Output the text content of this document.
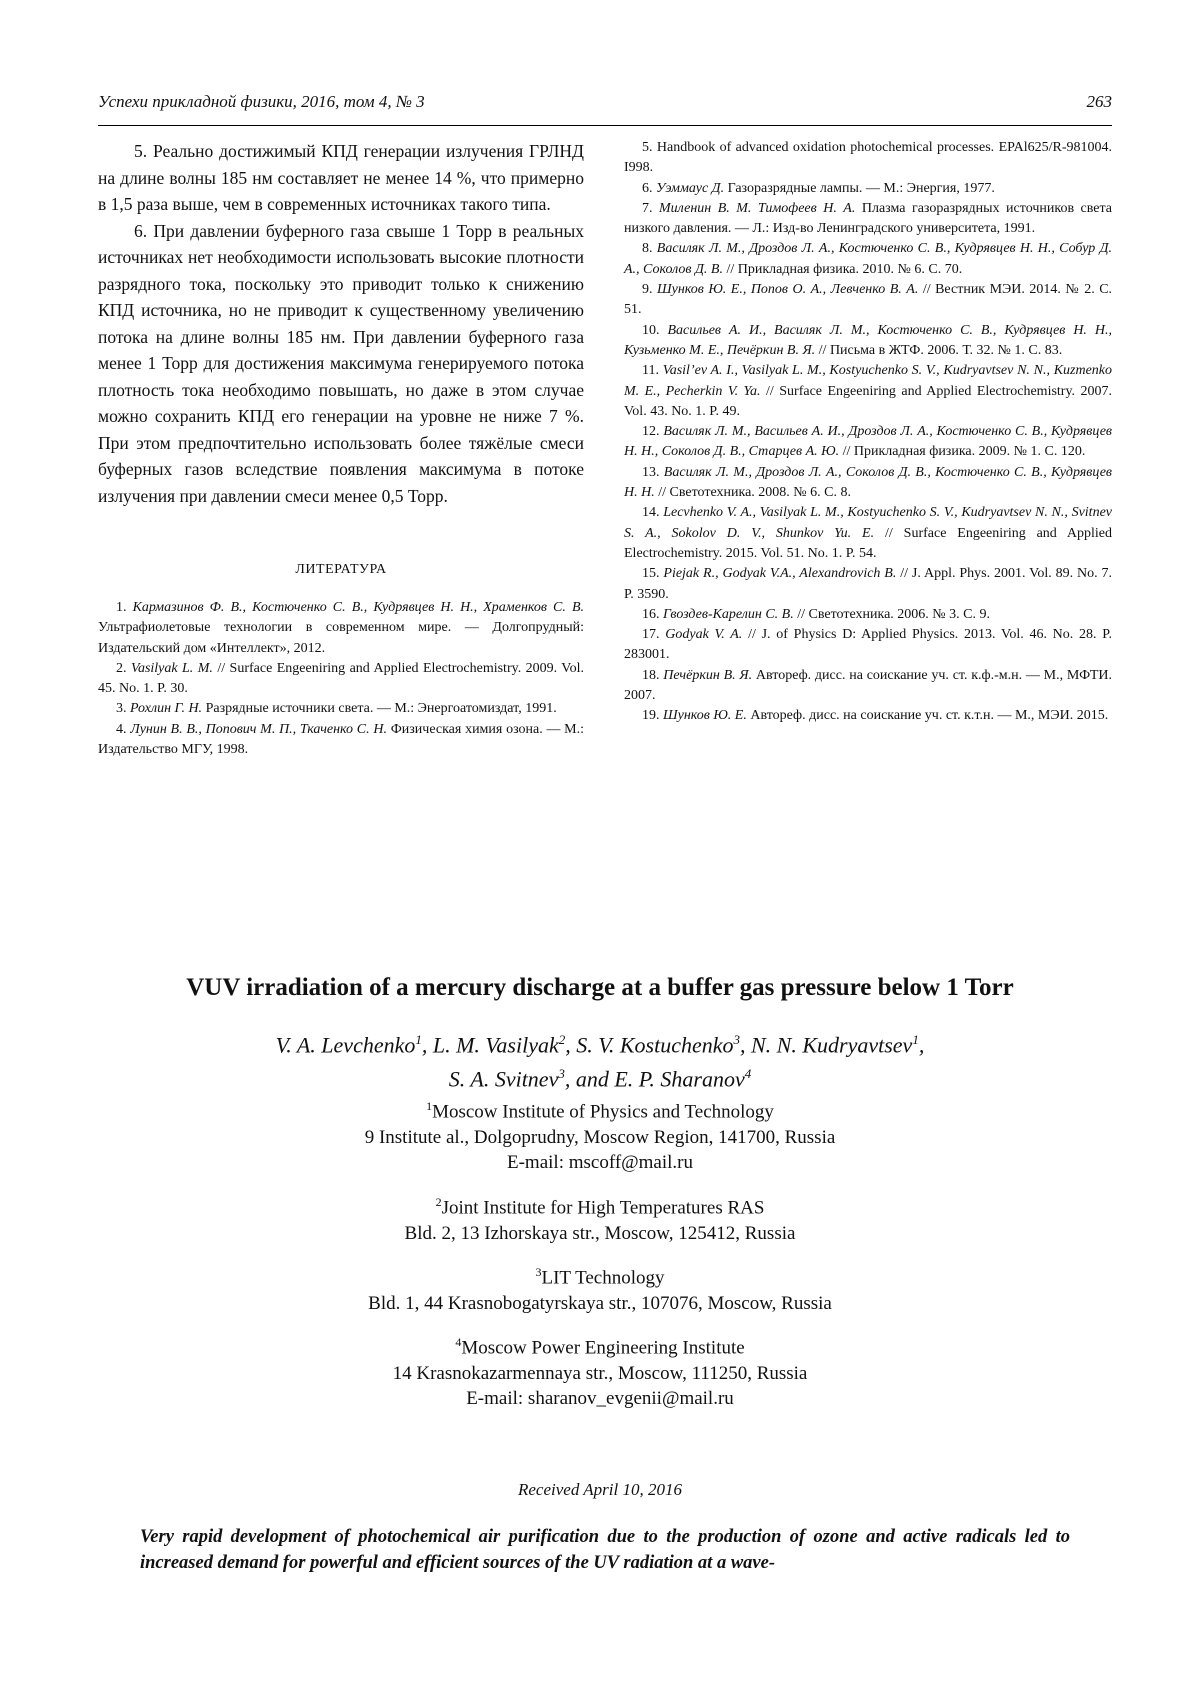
Успехи прикладной физики, 2016, том 4, № 3	263

5. Реально достижимый КПД генерации излучения ГРЛНД на длине волны 185 нм составляет не менее 14 %, что примерно в 1,5 раза выше, чем в современных источниках такого типа.

6. При давлении буферного газа свыше 1 Торр в реальных источниках нет необходимости использовать высокие плотности разрядного тока, поскольку это приводит только к снижению КПД источника, но не приводит к существенному увеличению потока на длине волны 185 нм. При давлении буферного газа менее 1 Торр для достижения максимума генерируемого потока плотность тока необходимо повышать, но даже в этом случае можно сохранить КПД его генерации на уровне не ниже 7 %. При этом предпочтительно использовать более тяжёлые смеси буферных газов вследствие появления максимума в потоке излучения при давлении смеси менее 0,5 Торр.

ЛИТЕРАТУРА

1. Кармазинов Ф. В., Костюченко С. В., Кудрявцев Н. Н., Храменков С. В. Ультрафиолетовые технологии в современном мире. — Долгопрудный: Издательский дом «Интеллект», 2012.

2. Vasilyak L. M. // Surface Engeeniring and Applied Electrochemistry. 2009. Vol. 45. No. 1. P. 30.

3. Рохлин Г. Н. Разрядные источники света. — М.: Энергоатомиздат, 1991.

4. Лунин В. В., Попович М. П., Ткаченко С. Н. Физическая химия озона. — М.: Издательство МГУ, 1998.

5. Handbook of advanced oxidation photochemical processes. EPAl625/R-981004. I998.

6. Уэммаус Д. Газоразрядные лампы. — М.: Энергия, 1977.

7. Миленин В. М. Тимофеев Н. А. Плазма газоразрядных источников света низкого давления. — Л.: Изд-во Ленинградского университета, 1991.

8. Василяк Л. М., Дроздов Л. А., Костюченко С. В., Кудрявцев Н. Н., Собур Д. А., Соколов Д. В. // Прикладная физика. 2010. № 6. С. 70.

9. Шунков Ю. Е., Попов О. А., Левченко В. А. // Вестник МЭИ. 2014. № 2. С. 51.

10. Васильев А. И., Василяк Л. М., Костюченко С. В., Кудрявцев Н. Н., Кузьменко М. Е., Печёркин В. Я. // Письма в ЖТФ. 2006. Т. 32. № 1. С. 83.

11. Vasil’ev A. I., Vasilyak L. M., Kostyuchenko S. V., Kudryavtsev N. N., Kuzmenko M. E., Pecherkin V. Ya. // Surface Engeeniring and Applied Electrochemistry. 2007. Vol. 43. No. 1. P. 49.

12. Василяк Л. М., Васильев А. И., Дроздов Л. А., Костюченко С. В., Кудрявцев Н. Н., Соколов Д. В., Старцев А. Ю. // Прикладная физика. 2009. № 1. С. 120.

13. Василяк Л. М., Дроздов Л. А., Соколов Д. В., Костюченко С. В., Кудрявцев Н. Н. // Светотехника. 2008. № 6. С. 8.

14. Lecvhenko V. A., Vasilyak L. M., Kostyuchenko S. V., Kudryavtsev N. N., Svitnev S. A., Sokolov D. V., Shunkov Yu. E. // Surface Engeeniring and Applied Electrochemistry. 2015. Vol. 51. No. 1. P. 54.

15. Piejak R., Godyak V.A., Alexandrovich B. // J. Appl. Phys. 2001. Vol. 89. No. 7. P. 3590.

16. Гвоздев-Карелин С. В. // Светотехника. 2006. № 3. С. 9.

17. Godyak V. A. // J. of Physics D: Applied Physics. 2013. Vol. 46. No. 28. P. 283001.

18. Печёркин В. Я. Автореф. дисс. на соискание уч. ст. к.ф.-м.н. — М., МФТИ. 2007.

19. Шунков Ю. Е. Автореф. дисс. на соискание уч. ст. к.т.н. — М., МЭИ. 2015.

VUV irradiation of a mercury discharge at a buffer gas pressure below 1 Torr
V. A. Levchenko$^1$, L. M. Vasilyak$^2$, S. V. Kostuchenko$^3$, N. N. Kudryavtsev$^1$,
S. A. Svitnev$^3$, and E. P. Sharanov$^4$
$^1$Moscow Institute of Physics and Technology
9 Institute al., Dolgoprudny, Moscow Region, 141700, Russia
E-mail: mscoff@mail.ru
$^2$Joint Institute for High Temperatures RAS
Bld. 2, 13 Izhorskaya str., Moscow, 125412, Russia
$^3$LIT Technology
Bld. 1, 44 Krasnobogatyrskaya str., 107076, Moscow, Russia
$^4$Moscow Power Engineering Institute
14 Krasnokazarmennaya str., Moscow, 111250, Russia
E-mail: sharanov_evgenii@mail.ru
Received April 10, 2016
Very rapid development of photochemical air purification due to the production of ozone and active radicals led to increased demand for powerful and efficient sources of the UV radiation at a wave-
